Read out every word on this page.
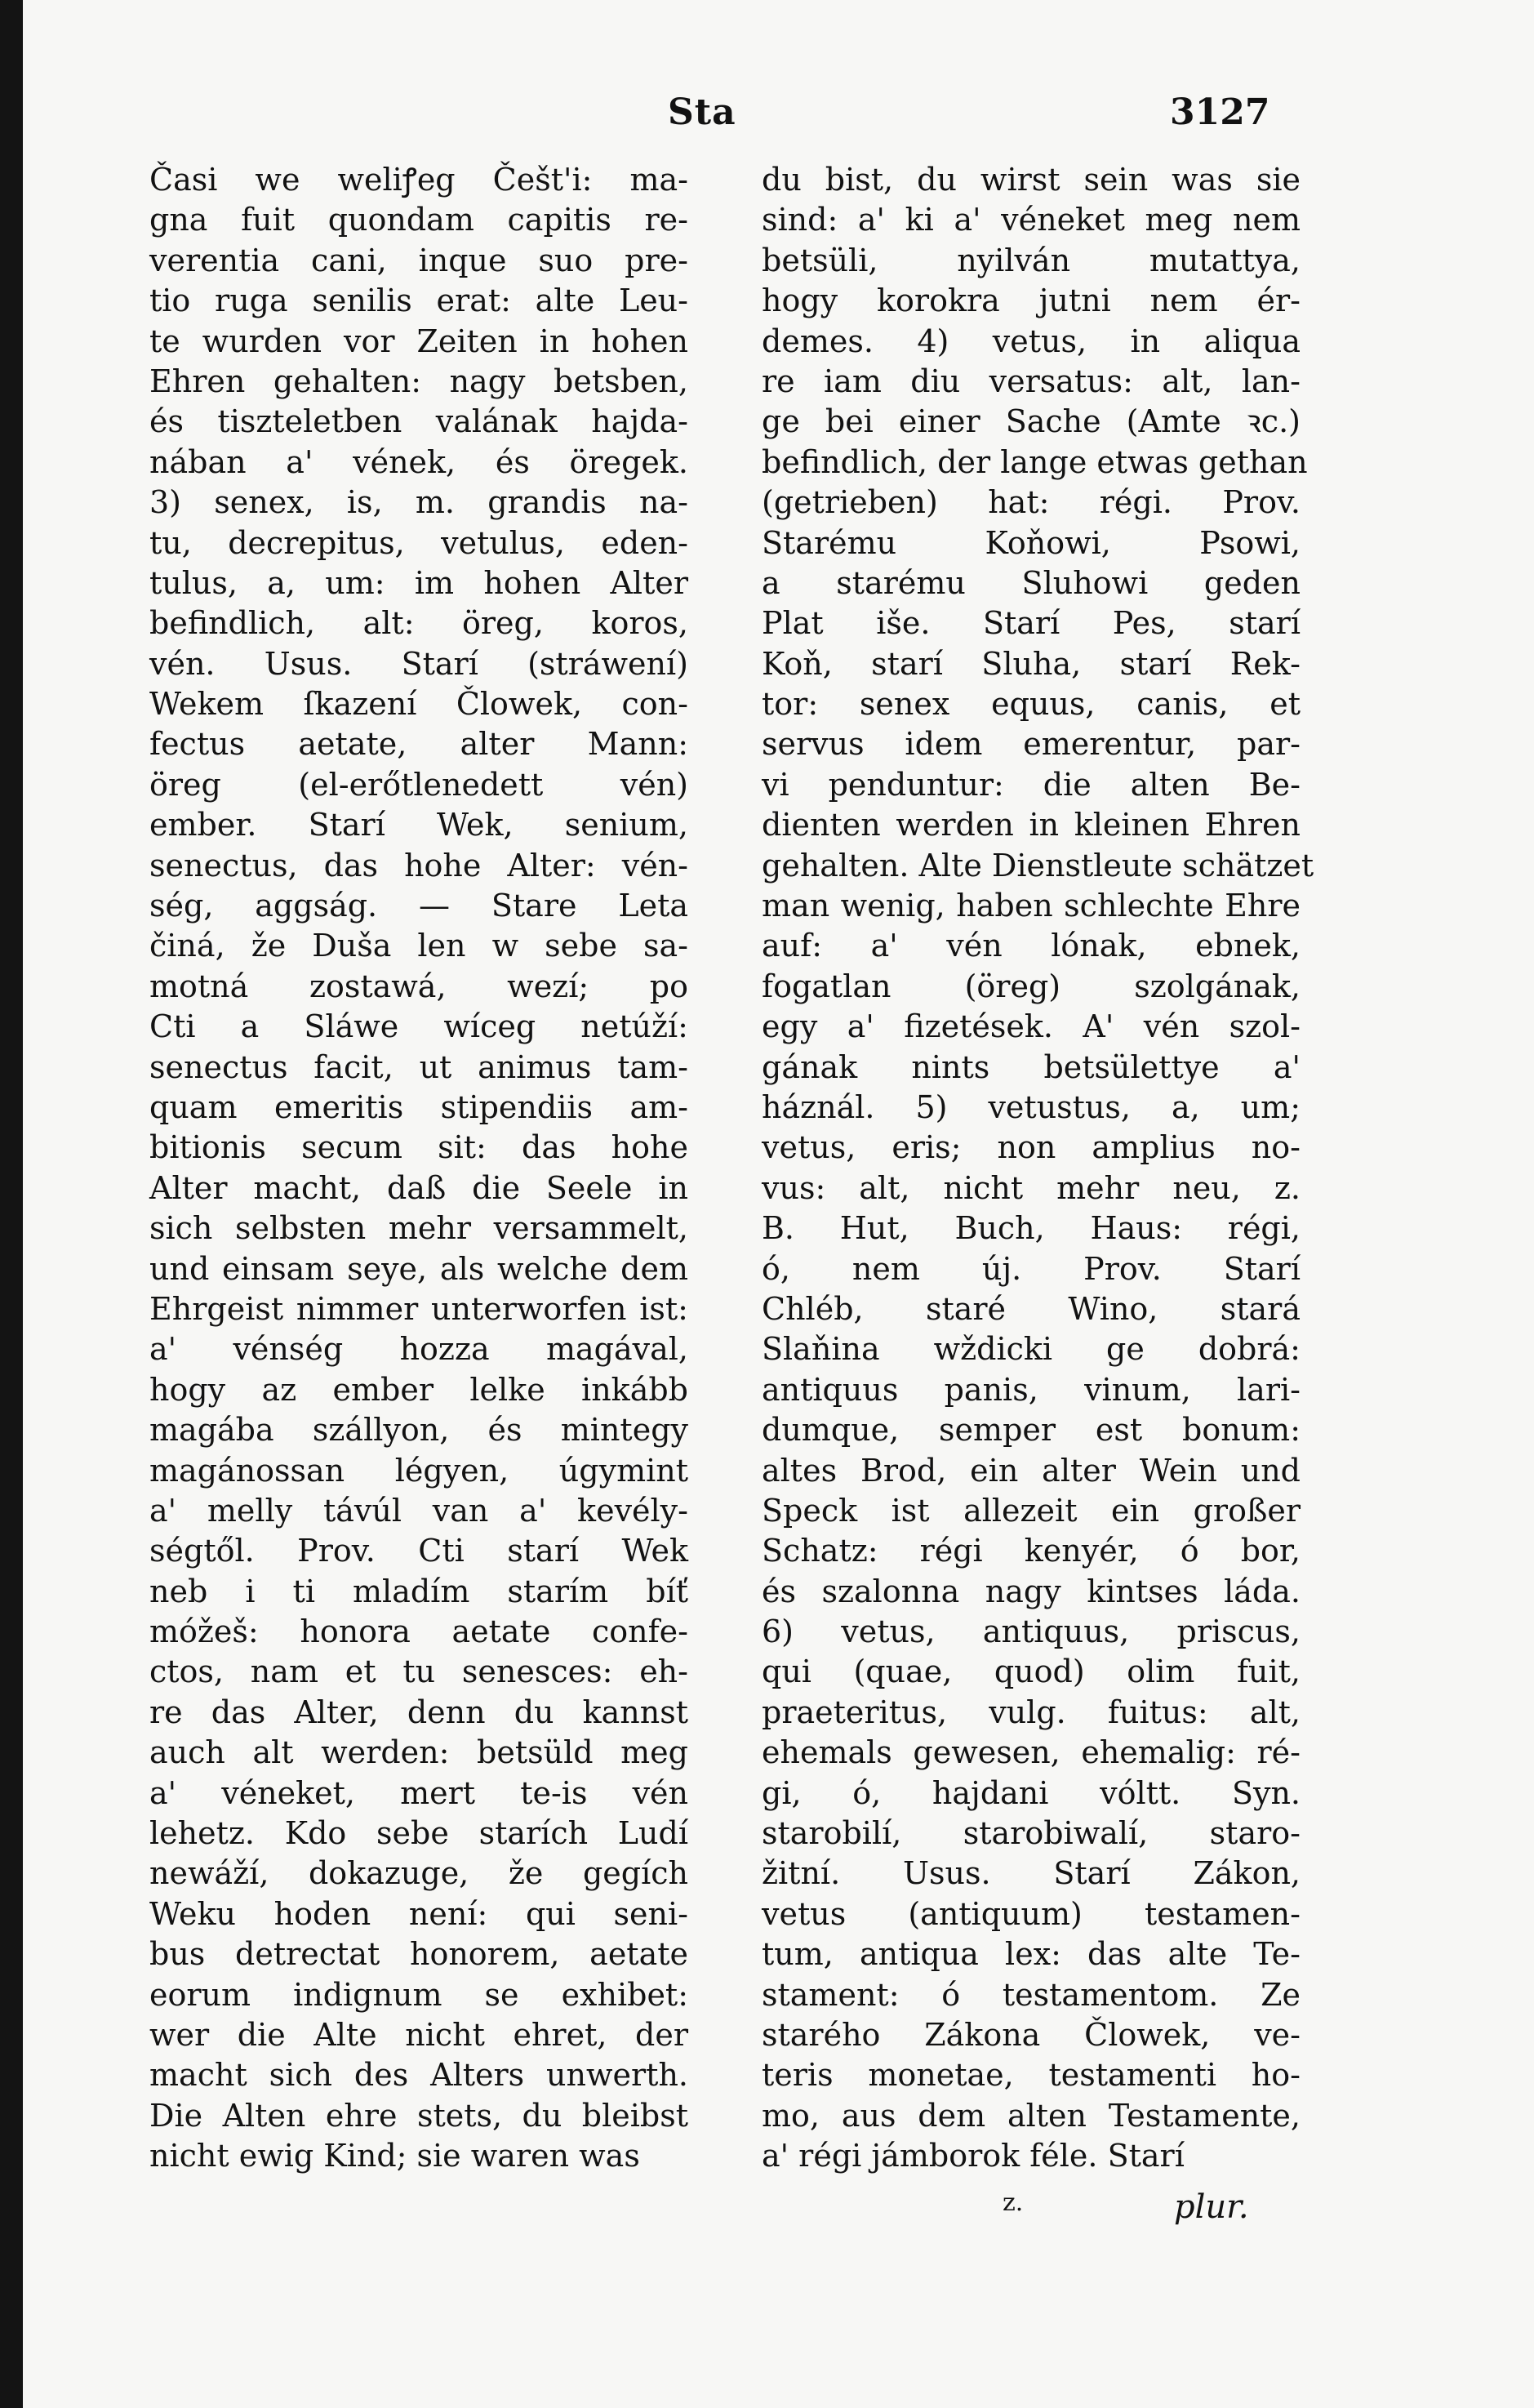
Sta	3127
Časi we weliꝭeg Češt'i: ma-
gna fuit quondam capitis re-
verentia cani, inque suo pre-
tio ruga senilis erat: alte Leu-
te wurden vor Zeiten in hohen
Ehren gehalten: nagy betsben,
és tiszteletben valának hajda-
nában a' vének, és öregek.
3) senex, is, m. grandis na-
tu, decrepitus, vetulus, eden-
tulus, a, um: im hohen Alter
befindlich, alt: öreg, koros,
vén. Usus. Starí (stráwení)
Wekem ſkazení Člowek, con-
fectus aetate, alter Mann:
öreg (el-erőtlenedett vén)
ember. Starí Wek, senium,
senectus, das hohe Alter: vén-
ség, aggság. — Stare Leta
činá, že Duša len w sebe sa-
motná zostawá, wezí; po
Cti a Sláwe wíceg netúží:
senectus facit, ut animus tam-
quam emeritis stipendiis am-
bitionis secum sit: das hohe
Alter macht, daß die Seele in
sich selbsten mehr versammelt,
und einsam seye, als welche dem
Ehrgeist nimmer unterworfen ist:
a' vénség hozza magával,
hogy az ember lelke inkább
magába szállyon, és mintegy
magánossan légyen, úgymint
a' melly távúl van a' kevély-
ségtől. Prov. Cti starí Wek
neb i ti mladím starím bíť
móžeš: honora aetate confe-
ctos, nam et tu senesces: eh-
re das Alter, denn du kannst
auch alt werden: betsüld meg
a' véneket, mert te-is vén
lehetz. Kdo sebe starích Ludí
newáží, dokazuge, že gegích
Weku hoden není: qui seni-
bus detrectat honorem, aetate
eorum indignum se exhibet:
wer die Alte nicht ehret, der
macht sich des Alters unwerth.
Die Alten ehre stets, du bleibst
nicht ewig Kind; sie waren was
du bist, du wirst sein was sie
sind: a' ki a' véneket meg nem
betsüli, nyilván mutattya,
hogy korokra jutni nem ér-
demes. 4) vetus, in aliqua
re iam diu versatus: alt, lan-
ge bei einer Sache (Amte ꝛc.)
befindlich, der lange etwas gethan
(getrieben) hat: régi. Prov.
Starému Koňowi, Psowi,
a starému Sluhowi geden
Plat iše. Starí Pes, starí
Koň, starí Sluha, starí Rek-
tor: senex equus, canis, et
servus idem emerentur, par-
vi penduntur: die alten Be-
dienten werden in kleinen Ehren
gehalten. Alte Dienstleute schätzet
man wenig, haben schlechte Ehre
auf: a' vén lónak, ebnek,
fogatlan (öreg) szolgának,
egy a' fizetések. A' vén szol-
gának nints betsülettye a'
háznál. 5) vetustus, a, um;
vetus, eris; non amplius no-
vus: alt, nicht mehr neu, z.
B. Hut, Buch, Haus: régi,
ó, nem új. Prov. Starí
Chléb, staré Wino, stará
Slaňina wždicki ge dobrá:
antiquus panis, vinum, lari-
dumque, semper est bonum:
altes Brod, ein alter Wein und
Speck ist allezeit ein großer
Schatz: régi kenyér, ó bor,
és szalonna nagy kintses láda.
6) vetus, antiquus, priscus,
qui (quae, quod) olim fuit,
praeteritus, vulg. fuitus: alt,
ehemals gewesen, ehemalig: ré-
gi, ó, hajdani vóltt. Syn.
starobilí, starobiwalí, staro-
žitní. Usus. Starí Zákon,
vetus (antiquum) testamen-
tum, antiqua lex: das alte Te-
stament: ó testamentom. Ze
starého Zákona Člowek, ve-
teris monetae, testamenti ho-
mo, aus dem alten Testamente,
a' régi jámborok féle. Starí
z.	plur.
